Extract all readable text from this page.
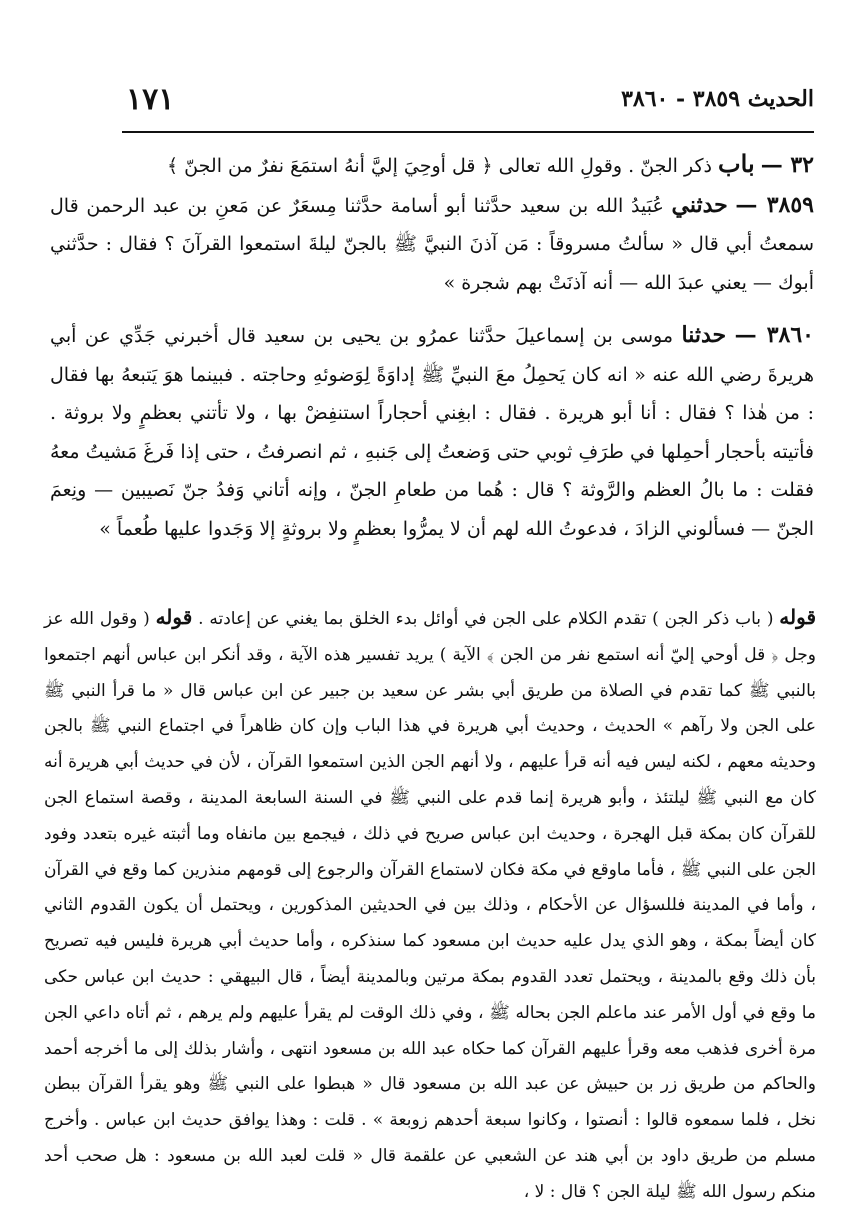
الحديث ٣٨٥٩ - ٣٨٦٠
١٧١

٣٢ — باب ذكر الجنّ . وقولِ الله تعالى ﴿ قل أوحِيَ إليَّ أنهُ استمَعَ نفرٌ من الجنّ ﴾

٣٨٥٩ — حدثني عُبَيدُ الله بن سعيد حدَّثنا أبو أسامة حدَّثنا مِسعَرٌ عن مَعنِ بن عبد الرحمن قال سمعتُ أبي قال « سألتُ مسروقاً : مَن آذنَ النبيَّ ﷺ بالجنّ ليلةَ استمعوا القرآنَ ؟ فقال : حدَّثني أبوك — يعني عبدَ الله — أنه آذنَتْ بهم شجرة »

٣٨٦٠ — حدثنا موسى بن إسماعيلَ حدَّثنا عمرُو بن يحيى بن سعيد قال أخبرني جَدِّي عن أبي هريرةَ رضي الله عنه « انه كان يَحمِلُ معَ النبيِّ ﷺ إداوَةً لِوَضوئهِ وحاجته . فبينما هوَ يَتبعهُ بها فقال : من هٰذا ؟ فقال : أنا أبو هريرة . فقال : ابغِني أحجاراً استنفِضْ بها ، ولا تأتني بعظمٍ ولا بروثة . فأتيته بأحجار أحمِلها في طرَفِ ثوبي حتى وَضعتُ إلى جَنبهِ ، ثم انصرفتُ ، حتى إذا فَرغَ مَشيتُ معهُ فقلت : ما بالُ العظم والرَّوثة ؟ قال : هُما من طعامِ الجنّ ، وإنه أتاني وَفدُ جنّ نَصيبين — ونِعمَ الجنّ — فسألوني الزادَ ، فدعوتُ الله لهم أن لا يمرُّوا بعظمٍ ولا بروثةٍ إلا وَجَدوا عليها طُعماً »

قوله ( باب ذكر الجن ) تقدم الكلام على الجن في أوائل بدء الخلق بما يغني عن إعادته . قوله ( وقول الله عز وجل ﴿ قل أوحي إليّ أنه استمع نفر من الجن ﴾ الآية ) يريد تفسير هذه الآية ، وقد أنكر ابن عباس أنهم اجتمعوا بالنبي ﷺ كما تقدم في الصلاة من طريق أبي بشر عن سعيد بن جبير عن ابن عباس قال « ما قرأ النبي ﷺ على الجن ولا رآهم » الحديث ، وحديث أبي هريرة في هذا الباب وإن كان ظاهراً في اجتماع النبي ﷺ بالجن وحديثه معهم ، لكنه ليس فيه أنه قرأ عليهم ، ولا أنهم الجن الذين استمعوا القرآن ، لأن في حديث أبي هريرة أنه كان مع النبي ﷺ ليلتئذ ، وأبو هريرة إنما قدم على النبي ﷺ في السنة السابعة المدينة ، وقصة استماع الجن للقرآن كان بمكة قبل الهجرة ، وحديث ابن عباس صريح في ذلك ، فيجمع بين مانفاه وما أثبته غيره بتعدد وفود الجن على النبي ﷺ ، فأما ماوقع في مكة فكان لاستماع القرآن والرجوع إلى قومهم منذرين كما وقع في القرآن ، وأما في المدينة فللسؤال عن الأحكام ، وذلك بين في الحديثين المذكورين ، ويحتمل أن يكون القدوم الثاني كان أيضاً بمكة ، وهو الذي يدل عليه حديث ابن مسعود كما سنذكره ، وأما حديث أبي هريرة فليس فيه تصريح بأن ذلك وقع بالمدينة ، ويحتمل تعدد القدوم بمكة مرتين وبالمدينة أيضاً ، قال البيهقي : حديث ابن عباس حكى ما وقع في أول الأمر عند ماعلم الجن بحاله ﷺ ، وفي ذلك الوقت لم يقرأ عليهم ولم يرهم ، ثم أتاه داعي الجن مرة أخرى فذهب معه وقرأ عليهم القرآن كما حكاه عبد الله بن مسعود انتهى ، وأشار بذلك إلى ما أخرجه أحمد والحاكم من طريق زر بن حبيش عن عبد الله بن مسعود قال « هبطوا على النبي ﷺ وهو يقرأ القرآن ببطن نخل ، فلما سمعوه قالوا : أنصتوا ، وكانوا سبعة أحدهم زوبعة » . قلت : وهذا يوافق حديث ابن عباس . وأخرج مسلم من طريق داود بن أبي هند عن الشعبي عن علقمة قال « قلت لعبد الله بن مسعود : هل صحب أحد منكم رسول الله ﷺ ليلة الجن ؟ قال : لا ،
